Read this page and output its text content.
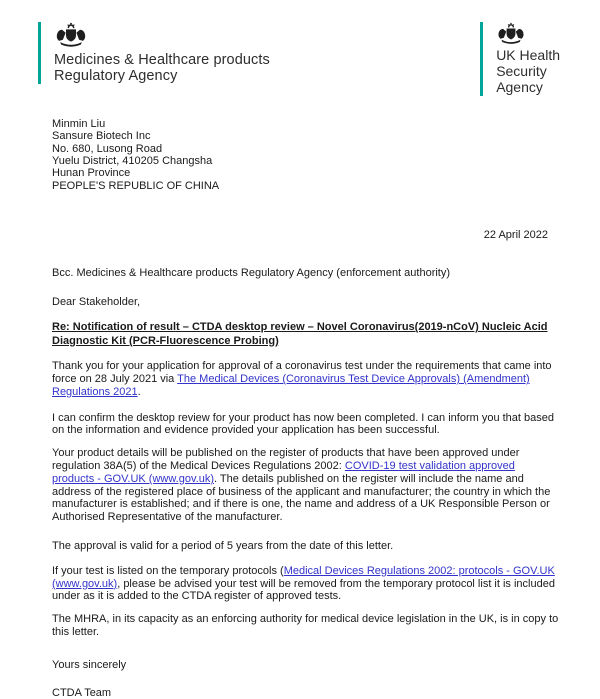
Medicines & Healthcare products
Regulatory Agency
UK Health
Security
Agency
Minmin Liu
Sansure Biotech Inc
No. 680, Lusong Road
Yuelu District, 410205 Changsha
Hunan Province
PEOPLE'S REPUBLIC OF CHINA
22 April 2022
Bcc. Medicines & Healthcare products Regulatory Agency (enforcement authority)
Dear Stakeholder,
Re: Notification of result – CTDA desktop review – Novel Coronavirus(2019-nCoV) Nucleic Acid Diagnostic Kit (PCR-Fluorescence Probing)

Thank you for your application for approval of a coronavirus test under the requirements that came into force on 28 July 2021 via The Medical Devices (Coronavirus Test Device Approvals) (Amendment) Regulations 2021.

I can confirm the desktop review for your product has now been completed. I can inform you that based on the information and evidence provided your application has been successful.

Your product details will be published on the register of products that have been approved under regulation 38A(5) of the Medical Devices Regulations 2002: COVID-19 test validation approved products - GOV.UK (www.gov.uk). The details published on the register will include the name and address of the registered place of business of the applicant and manufacturer; the country in which the manufacturer is established; and if there is one, the name and address of a UK Responsible Person or Authorised Representative of the manufacturer.

The approval is valid for a period of 5 years from the date of this letter.

If your test is listed on the temporary protocols (Medical Devices Regulations 2002: protocols - GOV.UK (www.gov.uk), please be advised your test will be removed from the temporary protocol list it is included under as it is added to the CTDA register of approved tests.

The MHRA, in its capacity as an enforcing authority for medical device legislation in the UK, is in copy to this letter.

Yours sincerely
CTDA Team
